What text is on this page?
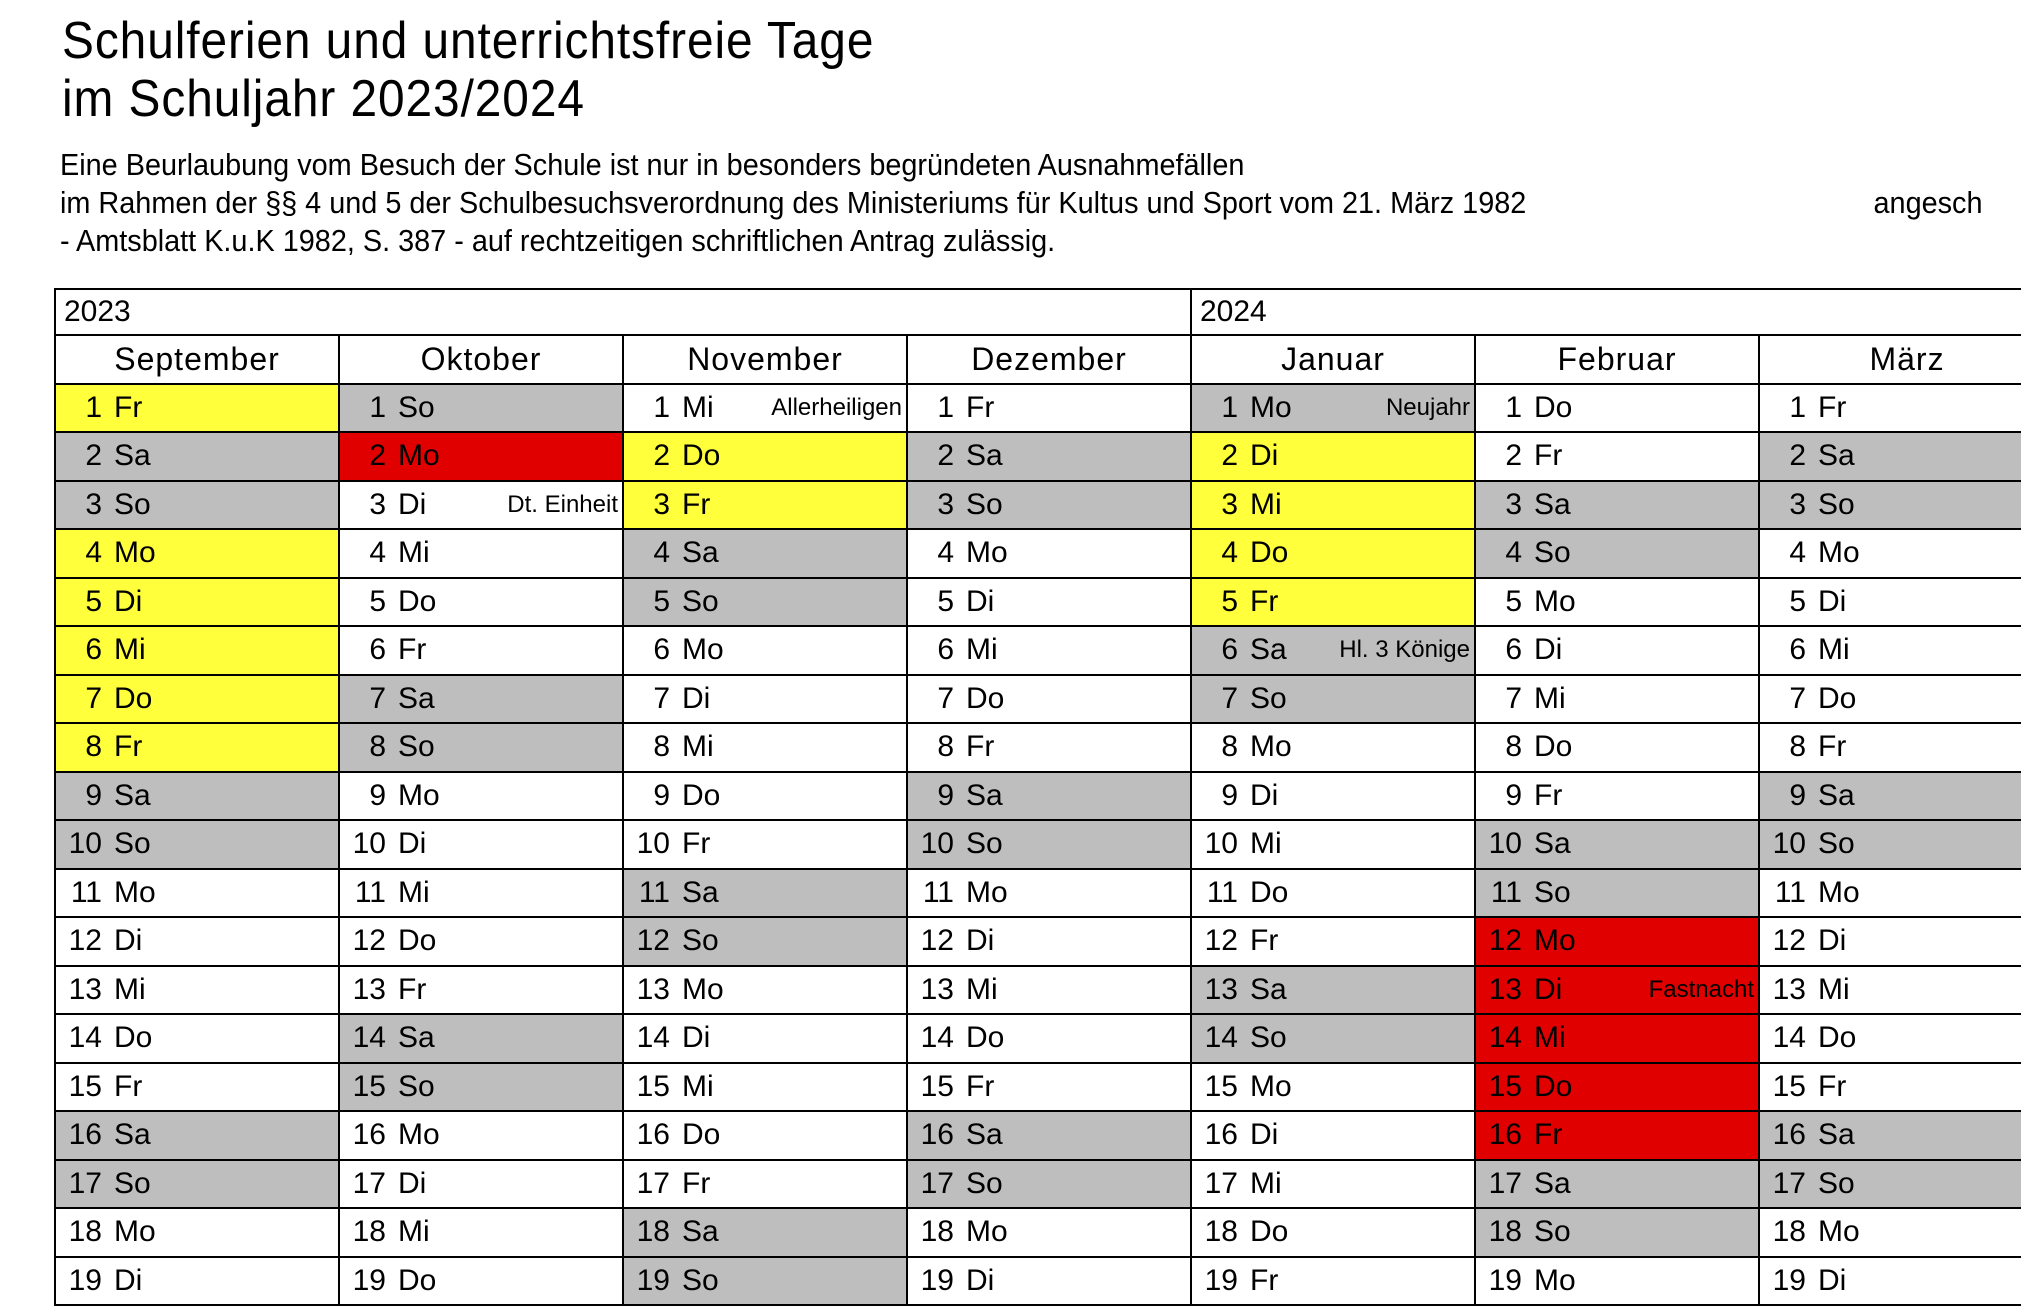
Schulferien und unterrichtsfreie Tage
im Schuljahr 2023/2024
Eine Beurlaubung vom Besuch der Schule ist nur in besonders begründeten Ausnahmefällen
im Rahmen der §§ 4 und 5 der Schulbesuchsverordnung des Ministeriums für Kultus und Sport vom 21. März 1982	angesch
- Amtsblatt K.u.K 1982, S. 387 - auf rechtzeitigen schriftlichen Antrag zulässig.
2023				2024		
September	Oktober	November	Dezember	Januar	Februar	März
1 Fr	1 So	1 Mi Allerheiligen	1 Fr	1 Mo Neujahr	1 Do	1 Fr
2 Sa	2 Mo	2 Do	2 Sa	2 Di	2 Fr	2 Sa
3 So	3 Di Dt. Einheit	3 Fr	3 So	3 Mi	3 Sa	3 So
4 Mo	4 Mi	4 Sa	4 Mo	4 Do	4 So	4 Mo
5 Di	5 Do	5 So	5 Di	5 Fr	5 Mo	5 Di
6 Mi	6 Fr	6 Mo	6 Mi	6 Sa Hl. 3 Könige	6 Di	6 Mi
7 Do	7 Sa	7 Di	7 Do	7 So	7 Mi	7 Do
8 Fr	8 So	8 Mi	8 Fr	8 Mo	8 Do	8 Fr
9 Sa	9 Mo	9 Do	9 Sa	9 Di	9 Fr	9 Sa
10 So	10 Di	10 Fr	10 So	10 Mi	10 Sa	10 So
11 Mo	11 Mi	11 Sa	11 Mo	11 Do	11 So	11 Mo
12 Di	12 Do	12 So	12 Di	12 Fr	12 Mo	12 Di
13 Mi	13 Fr	13 Mo	13 Mi	13 Sa	13 Di Fastnacht	13 Mi
14 Do	14 Sa	14 Di	14 Do	14 So	14 Mi	14 Do
15 Fr	15 So	15 Mi	15 Fr	15 Mo	15 Do	15 Fr
16 Sa	16 Mo	16 Do	16 Sa	16 Di	16 Fr	16 Sa
17 So	17 Di	17 Fr	17 So	17 Mi	17 Sa	17 So
18 Mo	18 Mi	18 Sa	18 Mo	18 Do	18 So	18 Mo
19 Di	19 Do	19 So	19 Di	19 Fr	19 Mo	19 Di
